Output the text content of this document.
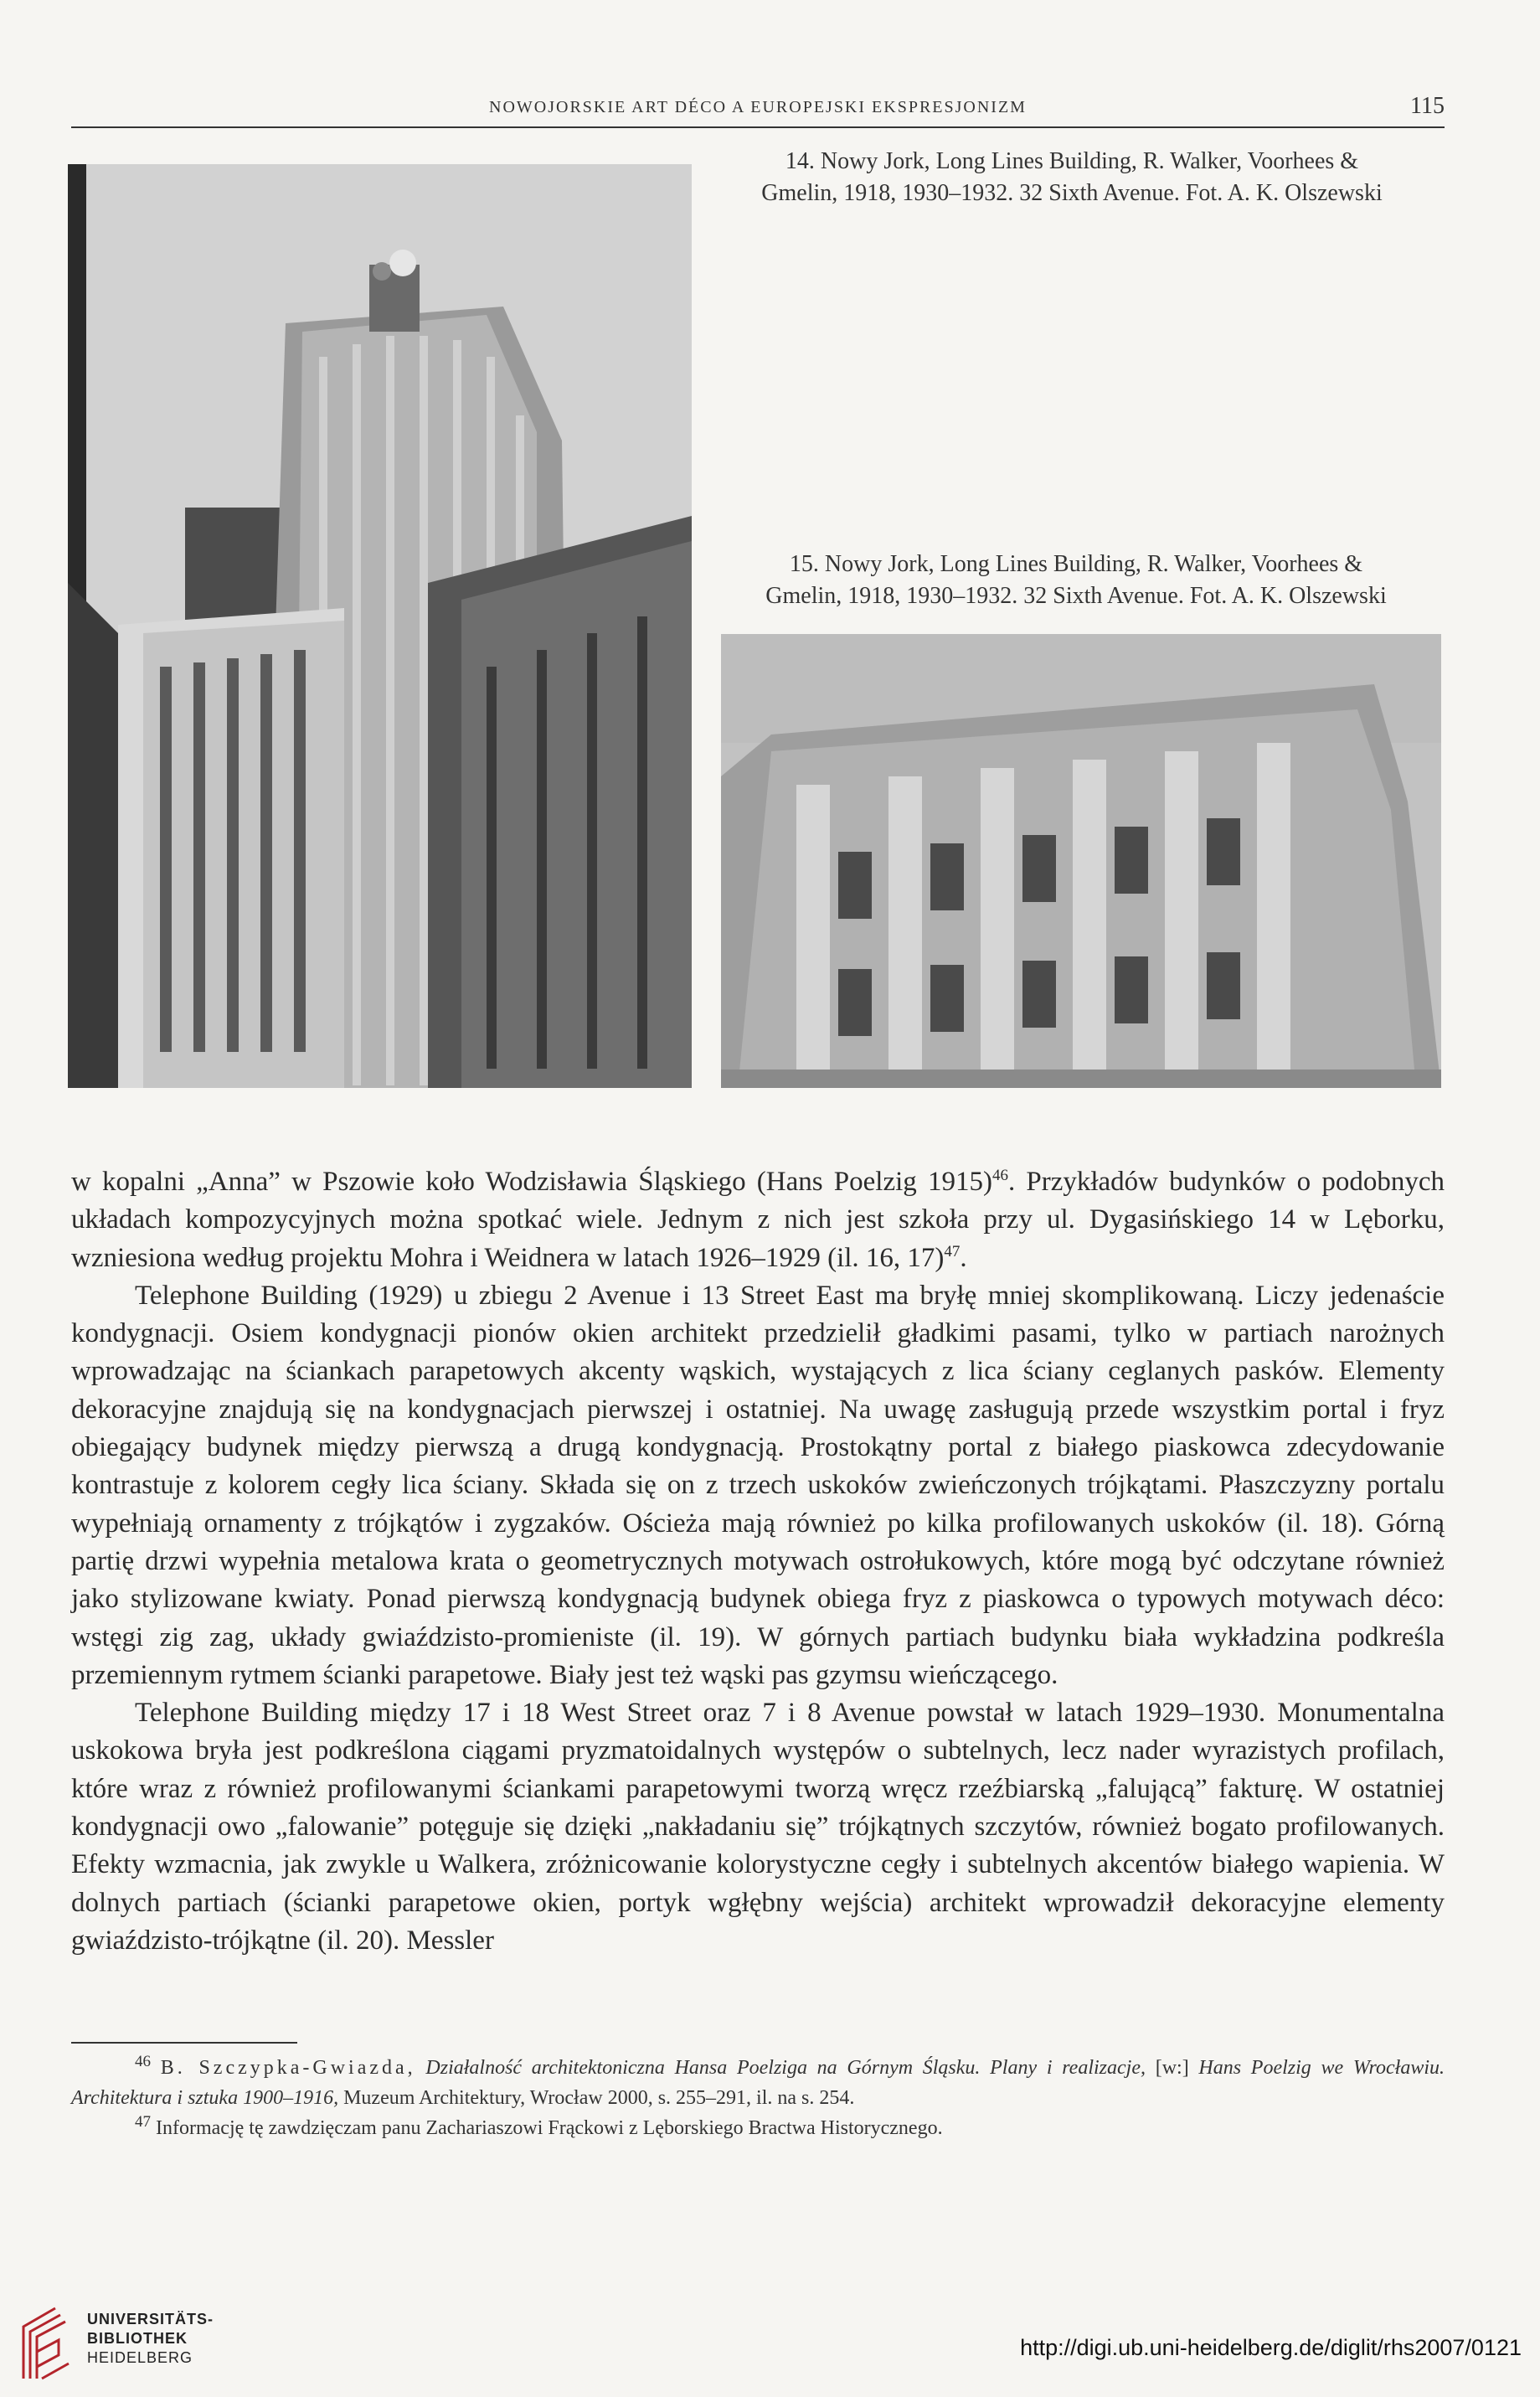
NOWOJORSKIE ART DÉCO A EUROPEJSKI EKSPRESJONIZM	115
14. Nowy Jork, Long Lines Building, R. Walker, Voorhees &
Gmelin, 1918, 1930–1932. 32 Sixth Avenue. Fot. A. K. Olszewski
15. Nowy Jork, Long Lines Building, R. Walker, Voorhees &
Gmelin, 1918, 1930–1932. 32 Sixth Avenue. Fot. A. K. Olszewski

w kopalni „Anna” w Pszowie koło Wodzisławia Śląskiego (Hans Poelzig 1915)$^{46}$. Przykładów budynków o podobnych układach kompozycyjnych można spotkać wiele. Jednym z nich jest szkoła przy ul. Dygasińskiego 14 w Lęborku, wzniesiona według projektu Mohra i Weidnera w latach 1926–1929 (il. 16, 17)$^{47}$.

Telephone Building (1929) u zbiegu 2 Avenue i 13 Street East ma bryłę mniej skomplikowaną. Liczy jedenaście kondygnacji. Osiem kondygnacji pionów okien architekt przedzielił gładkimi pasami, tylko w partiach narożnych wprowadzając na ściankach parapetowych akcenty wąskich, wystających z lica ściany ceglanych pasków. Elementy dekoracyjne znajdują się na kondygnacjach pierwszej i ostatniej. Na uwagę zasługują przede wszystkim portal i fryz obiegający budynek między pierwszą a drugą kondygnacją. Prostokątny portal z białego piaskowca zdecydowanie kontrastuje z kolorem cegły lica ściany. Składa się on z trzech uskoków zwieńczonych trójkątami. Płaszczyzny portalu wypełniają ornamenty z trójkątów i zygzaków. Ościeża mają również po kilka profilowanych uskoków (il. 18). Górną partię drzwi wypełnia metalowa krata o geometrycznych motywach ostrołukowych, które mogą być odczytane również jako stylizowane kwiaty. Ponad pierwszą kondygnacją budynek obiega fryz z piaskowca o typowych motywach déco: wstęgi zig zag, układy gwiaździsto-promieniste (il. 19). W górnych partiach budynku biała wykładzina podkreśla przemiennym rytmem ścianki parapetowe. Biały jest też wąski pas gzymsu wieńczącego.

Telephone Building między 17 i 18 West Street oraz 7 i 8 Avenue powstał w latach 1929–1930. Monumentalna uskokowa bryła jest podkreślona ciągami pryzmatoidalnych występów o subtelnych, lecz nader wyrazistych profilach, które wraz z również profilowanymi ściankami parapetowymi tworzą wręcz rzeźbiarską „falującą” fakturę. W ostatniej kondygnacji owo „falowanie” potęguje się dzięki „nakładaniu się” trójkątnych szczytów, również bogato profilowanych. Efekty wzmacnia, jak zwykle u Walkera, zróżnicowanie kolorystyczne cegły i subtelnych akcentów białego wapienia. W dolnych partiach (ścianki parapetowe okien, portyk wgłębny wejścia) architekt wprowadził dekoracyjne elementy gwiaździsto-trójkątne (il. 20). Messler

$^{46}$ B. Szczypka-Gwiazda, Działalność architektoniczna Hansa Poelziga na Górnym Śląsku. Plany i realizacje, [w:] Hans Poelzig we Wrocławiu. Architektura i sztuka 1900–1916, Muzeum Architektury, Wrocław 2000, s. 255–291, il. na s. 254.

$^{47}$ Informację tę zawdzięczam panu Zachariaszowi Frąckowi z Lęborskiego Bractwa Historycznego.

UNIVERSITÄTS-
BIBLIOTHEK
HEIDELBERG	http://digi.ub.uni-heidelberg.de/diglit/rhs2007/0121
